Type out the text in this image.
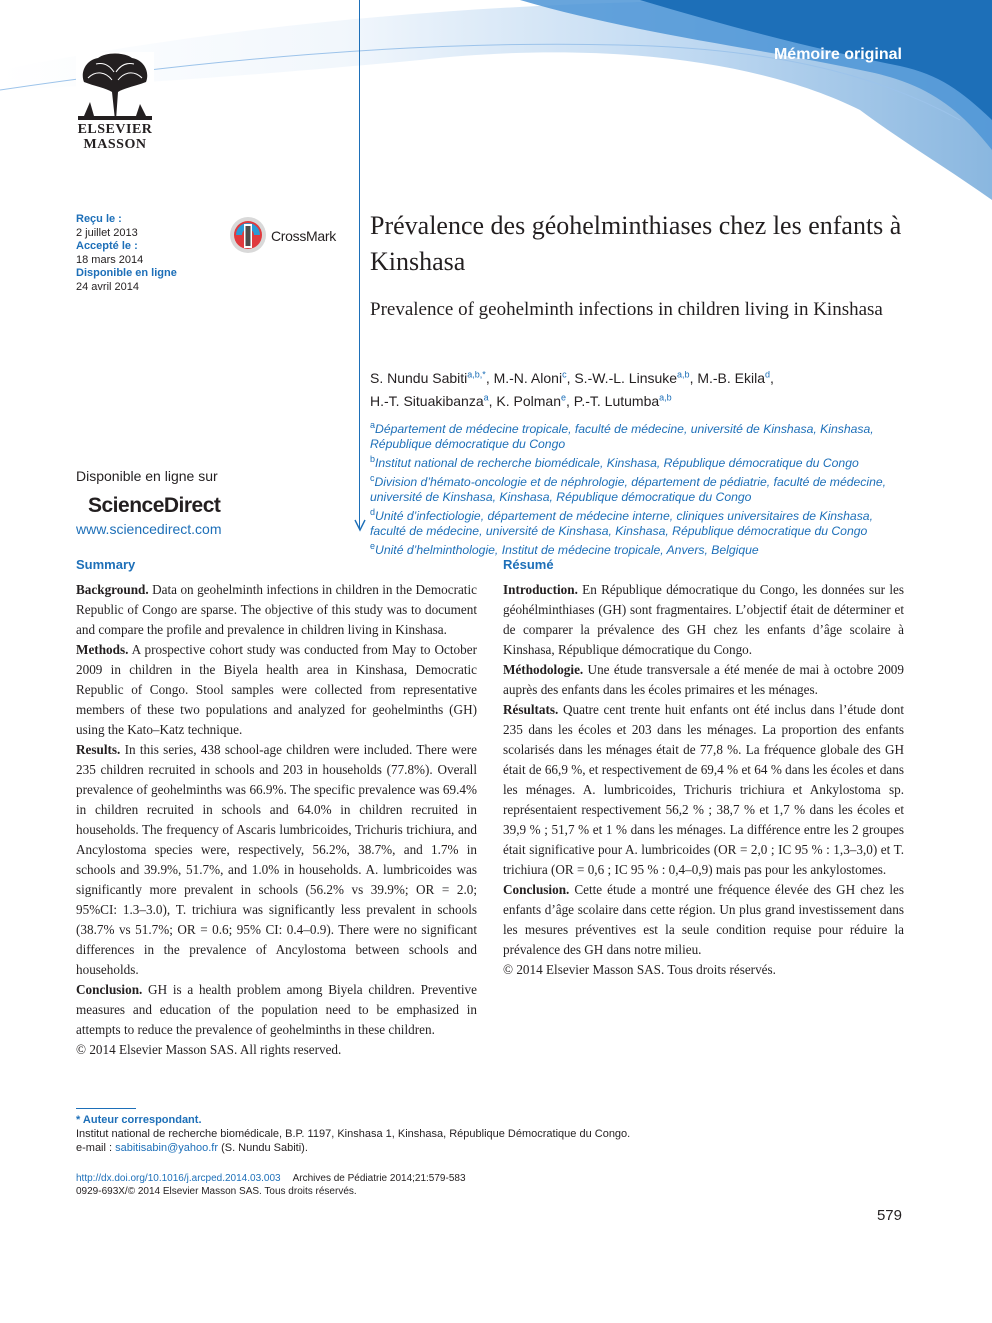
Mémoire original
ELSEVIER
MASSON
Reçu le :
2 juillet 2013
Accepté le :
18 mars 2014
Disponible en ligne
24 avril 2014
CrossMark
Disponible en ligne sur
ScienceDirect
www.sciencedirect.com
Prévalence des géohelminthiases chez les enfants à Kinshasa
Prevalence of geohelminth infections in children living in Kinshasa
S. Nundu Sabiti$^{a,b,*}$, M.-N. Aloni$^c$, S.-W.-L. Linsuke$^{a,b}$, M.-B. Ekila$^d$,
H.-T. Situakibanza$^a$, K. Polman$^e$, P.-T. Lutumba$^{a,b}$
$^a$Département de médecine tropicale, faculté de médecine, université de Kinshasa, Kinshasa, République démocratique du Congo
$^b$Institut national de recherche biomédicale, Kinshasa, République démocratique du Congo
$^c$Division d’hémato-oncologie et de néphrologie, département de pédiatrie, faculté de médecine, université de Kinshasa, Kinshasa, République démocratique du Congo
$^d$Unité d’infectiologie, département de médecine interne, cliniques universitaires de Kinshasa, faculté de médecine, université de Kinshasa, Kinshasa, République démocratique du Congo
$^e$Unité d’helminthologie, Institut de médecine tropicale, Anvers, Belgique
Summary

Background. Data on geohelminth infections in children in the Democratic Republic of Congo are sparse. The objective of this study was to document and compare the profile and prevalence in children living in Kinshasa.

Methods. A prospective cohort study was conducted from May to October 2009 in children in the Biyela health area in Kinshasa, Democratic Republic of Congo. Stool samples were collected from representative members of these two populations and analyzed for geohelminths (GH) using the Kato–Katz technique.

Results. In this series, 438 school-age children were included. There were 235 children recruited in schools and 203 in households (77.8%). Overall prevalence of geohelminths was 66.9%. The specific prevalence was 69.4% in children recruited in schools and 64.0% in children recruited in households. The frequency of Ascaris lumbricoides, Trichuris trichiura, and Ancylostoma species were, respectively, 56.2%, 38.7%, and 1.7% in schools and 39.9%, 51.7%, and 1.0% in households. A. lumbricoides was significantly more prevalent in schools (56.2% vs 39.9%; OR = 2.0; 95%CI: 1.3–3.0), T. trichiura was significantly less prevalent in schools (38.7% vs 51.7%; OR = 0.6; 95% CI: 0.4–0.9). There were no significant differences in the prevalence of Ancylostoma between schools and households.

Conclusion. GH is a health problem among Biyela children. Preventive measures and education of the population need to be emphasized in attempts to reduce the prevalence of geohelminths in these children.

© 2014 Elsevier Masson SAS. All rights reserved.

Résumé

Introduction. En République démocratique du Congo, les données sur les géohélminthiases (GH) sont fragmentaires. L’objectif était de déterminer et de comparer la prévalence des GH chez les enfants d’âge scolaire à Kinshasa, République démocratique du Congo.

Méthodologie. Une étude transversale a été menée de mai à octobre 2009 auprès des enfants dans les écoles primaires et les ménages.

Résultats. Quatre cent trente huit enfants ont été inclus dans l’étude dont 235 dans les écoles et 203 dans les ménages. La proportion des enfants scolarisés dans les ménages était de 77,8 %. La fréquence globale des GH était de 66,9 %, et respectivement de 69,4 % et 64 % dans les écoles et dans les ménages. A. lumbricoides, Trichuris trichiura et Ankylostoma sp. représentaient respectivement 56,2 % ; 38,7 % et 1,7 % dans les écoles et 39,9 % ; 51,7 % et 1 % dans les ménages. La différence entre les 2 groupes était significative pour A. lumbricoides (OR = 2,0 ; IC 95 % : 1,3–3,0) et T. trichiura (OR = 0,6 ; IC 95 % : 0,4–0,9) mais pas pour les ankylostomes.

Conclusion. Cette étude a montré une fréquence élevée des GH chez les enfants d’âge scolaire dans cette région. Un plus grand investissement dans les mesures préventives est la seule condition requise pour réduire la prévalence des GH dans notre milieu.

© 2014 Elsevier Masson SAS. Tous droits réservés.

* Auteur correspondant.
Institut national de recherche biomédicale, B.P. 1197, Kinshasa 1, Kinshasa, République Démocratique du Congo.
e-mail : sabitisabin@yahoo.fr (S. Nundu Sabiti).
http://dx.doi.org/10.1016/j.arcped.2014.03.003 Archives de Pédiatrie 2014;21:579-583
0929-693X/© 2014 Elsevier Masson SAS. Tous droits réservés.
579
